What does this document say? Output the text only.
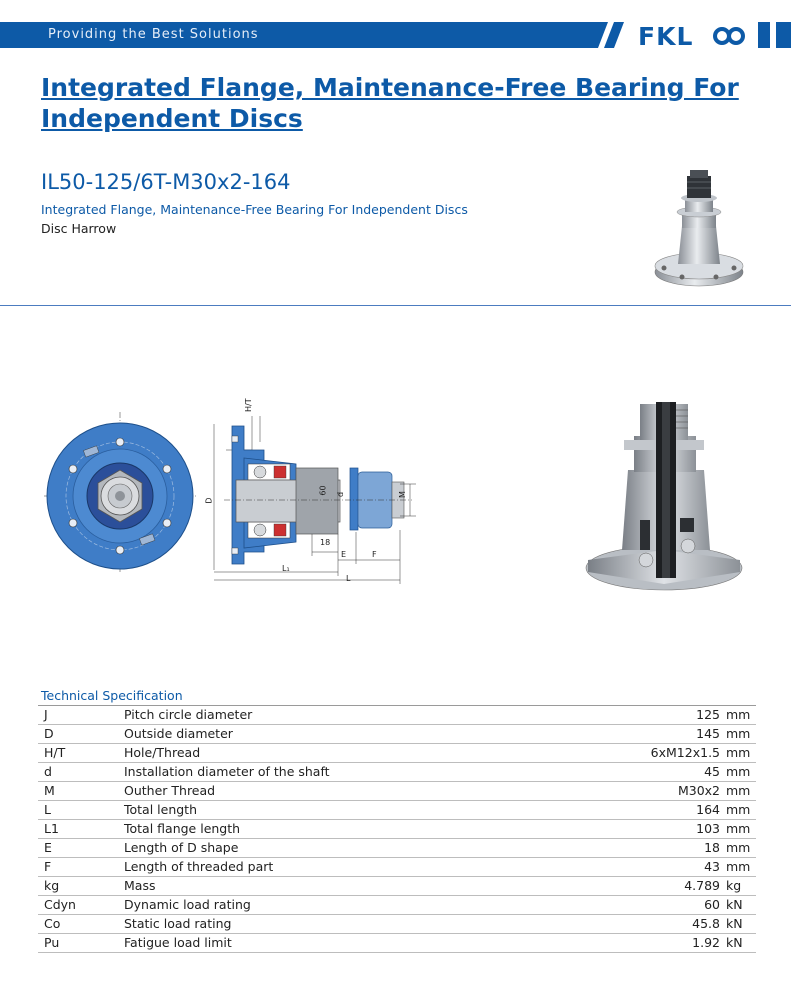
Providing the Best Solutions	FKL
Integrated Flange, Maintenance-Free Bearing For Independent Discs
IL50-125/6T-M30x2-164
Integrated Flange, Maintenance-Free Bearing For Independent Discs
Disc Harrow
H/T
D
60 d	M
18
E	F
L₁
L
Technical Specification
J	Pitch circle diameter	125	mm
D	Outside diameter	145	mm
H/T	Hole/Thread	6xM12x1.5	mm
d	Installation diameter of the shaft	45	mm
M	Outher Thread	M30x2	mm
L	Total length	164	mm
L1	Total flange length	103	mm
E	Length of D shape	18	mm
F	Length of threaded part	43	mm
kg	Mass	4.789	kg
Cdyn	Dynamic load rating	60	kN
Co	Static load rating	45.8	kN
Pu	Fatigue load limit	1.92	kN
